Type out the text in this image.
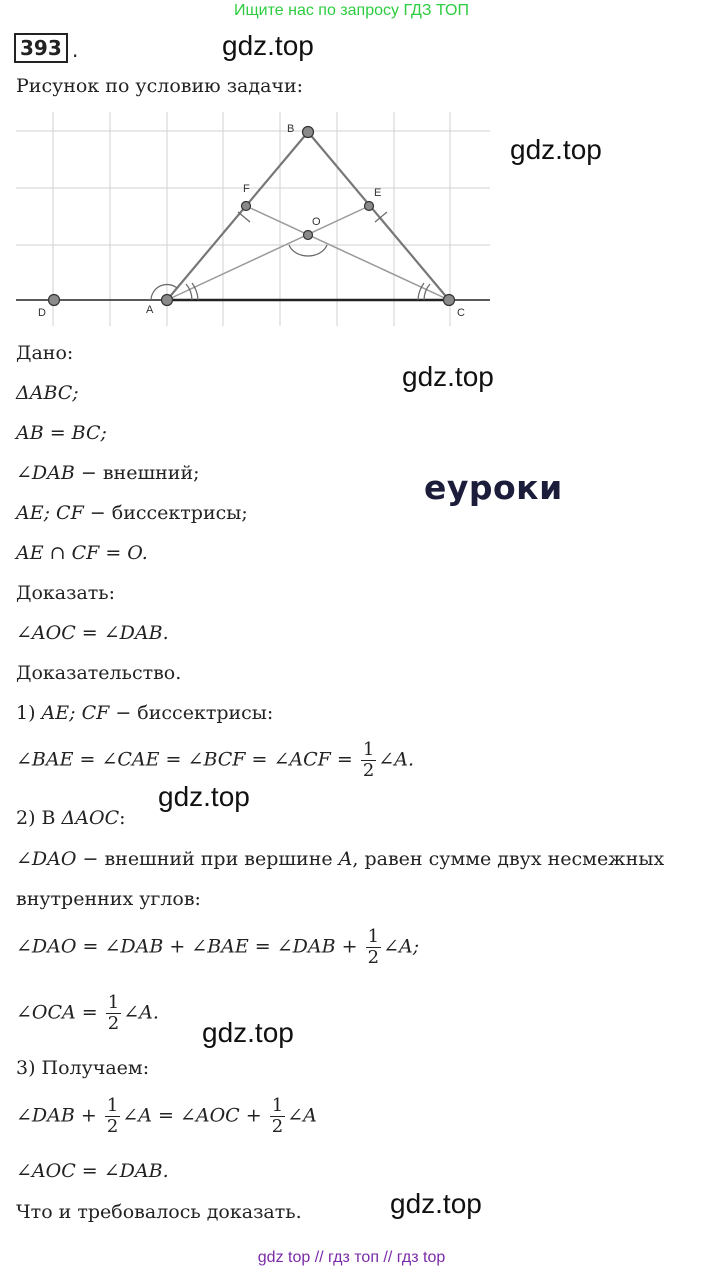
Ищите нас по запросу ГДЗ ТОП
393 .	gdz.top
gdz.top
gdz.top
еуроки
gdz.top
gdz.top
gdz.top
Рисунок по условию задачи:
A
B
C
D
E
F
O
Дано:
ΔABC;
AB = BC;
∠DAB − внешний;
AE; CF − биссектрисы;
AE ∩ CF = O.
Доказать:
∠AOC = ∠DAB.
Доказательство.
1) AE; CF − биссектрисы:
∠BAE = ∠CAE = ∠BCF = ∠ACF = $\frac{1}{2}$ ∠A.
2) В ΔAOC:
∠DAO − внешний при вершине A, равен сумме двух несмежных
внутренних углов:
∠DAO = ∠DAB + ∠BAE = ∠DAB + $\frac{1}{2}$ ∠A;
∠OCA = $\frac{1}{2}$ ∠A.
3) Получаем:
∠DAB + $\frac{1}{2}$ ∠A = ∠AOC + $\frac{1}{2}$ ∠A
∠AOC = ∠DAB.
Что и требовалось доказать.
gdz top // гдз топ // гдз top
